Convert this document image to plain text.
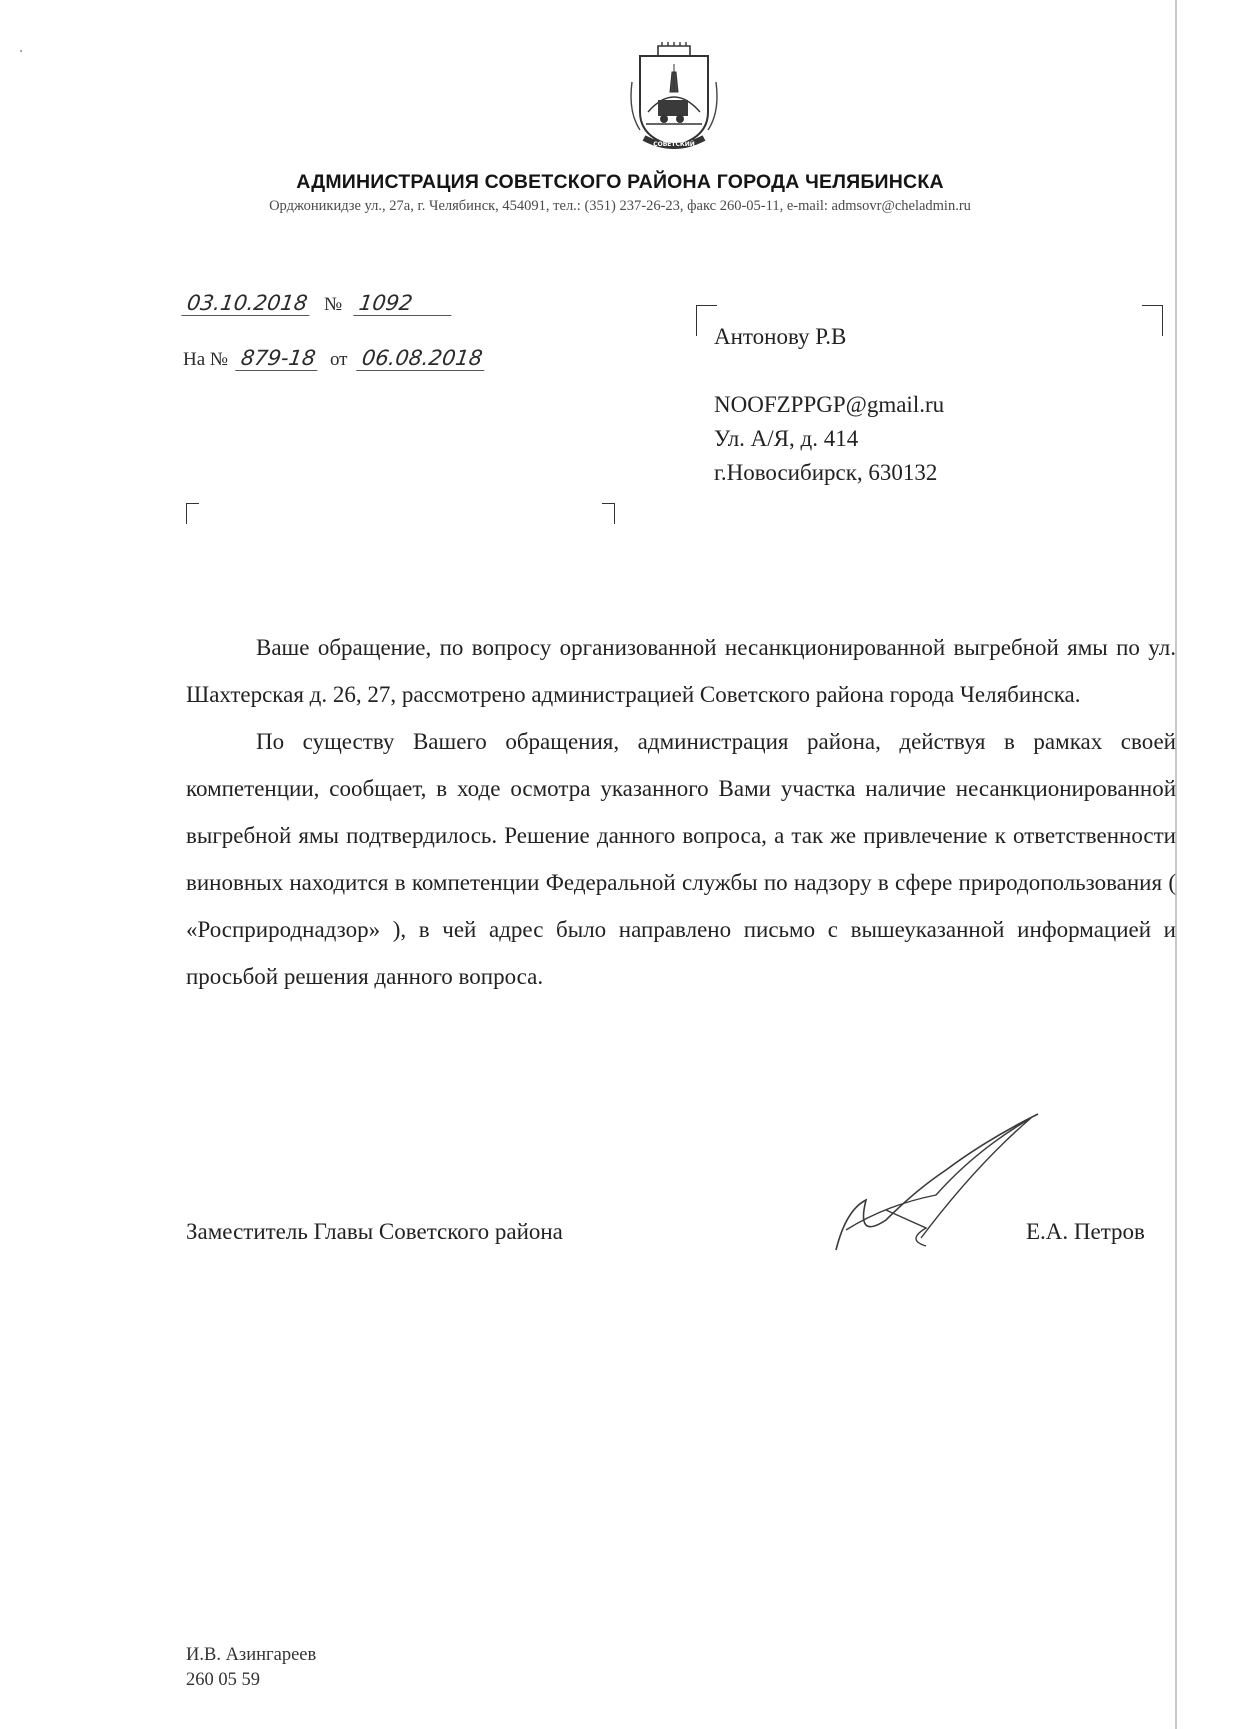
СОВЕТСКИЙ
АДМИНИСТРАЦИЯ СОВЕТСКОГО РАЙОНА ГОРОДА ЧЕЛЯБИНСКА
Орджоникидзе ул., 27а, г. Челябинск, 454091, тел.: (351) 237-26-23, факс 260-05-11, e-mail: admsovr@cheladmin.ru
03.10.2018 № 1092
На № 879-18 от 06.08.2018
Антонову Р.В
NOOFZPPGP@gmail.ru
Ул. А/Я, д. 414
г.Новосибирск, 630132

Ваше обращение, по вопросу организованной несанкционированной выгребной ямы по ул. Шахтерская д. 26, 27, рассмотрено администрацией Советского района города Челябинска.

По существу Вашего обращения, администрация района, действуя в рамках своей компетенции, сообщает, в ходе осмотра указанного Вами участка наличие несанкционированной выгребной ямы подтвердилось. Решение данного вопроса, а так же привлечение к ответственности виновных находится в компетенции Федеральной службы по надзору в сфере природопользования ( «Росприроднадзор» ), в чей адрес было направлено письмо с вышеуказанной информацией и просьбой решения данного вопроса.

Заместитель Главы Советского района	Е.А. Петров
И.В. Азингареев
260 05 59
